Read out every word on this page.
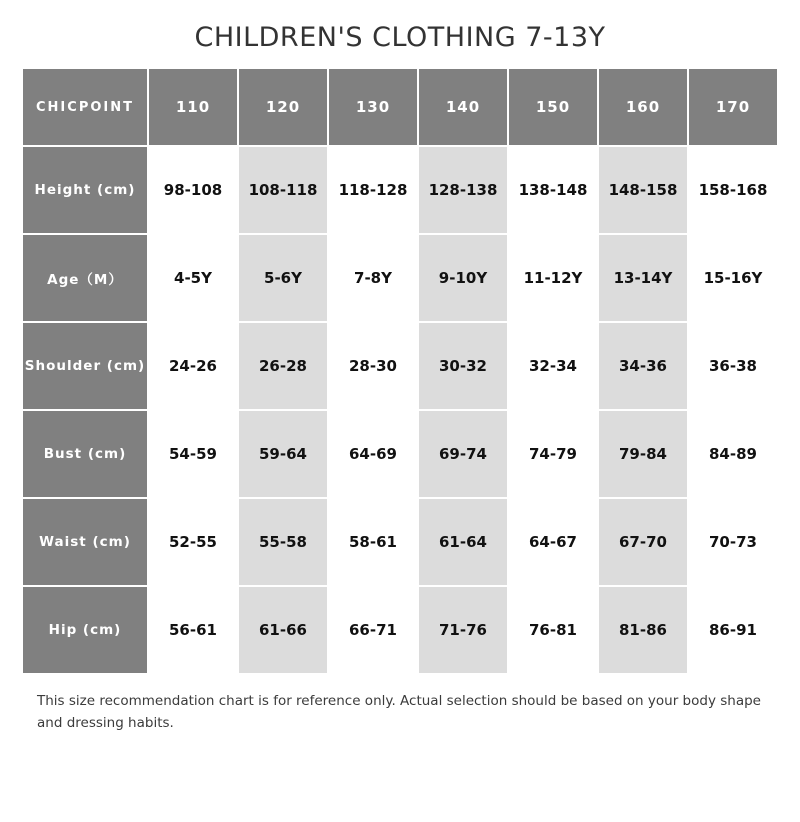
CHILDREN'S CLOTHING 7-13Y
CHICPOINT	110	120	130	140	150	160	170
Height (cm)	98-108	108-118	118-128	128-138	138-148	148-158	158-168
Age（M）	4-5Y	5-6Y	7-8Y	9-10Y	11-12Y	13-14Y	15-16Y
Shoulder (cm)	24-26	26-28	28-30	30-32	32-34	34-36	36-38
Bust (cm)	54-59	59-64	64-69	69-74	74-79	79-84	84-89
Waist (cm)	52-55	55-58	58-61	61-64	64-67	67-70	70-73
Hip (cm)	56-61	61-66	66-71	71-76	76-81	81-86	86-91
This size recommendation chart is for reference only. Actual selection should be based on your body shape and dressing habits.
